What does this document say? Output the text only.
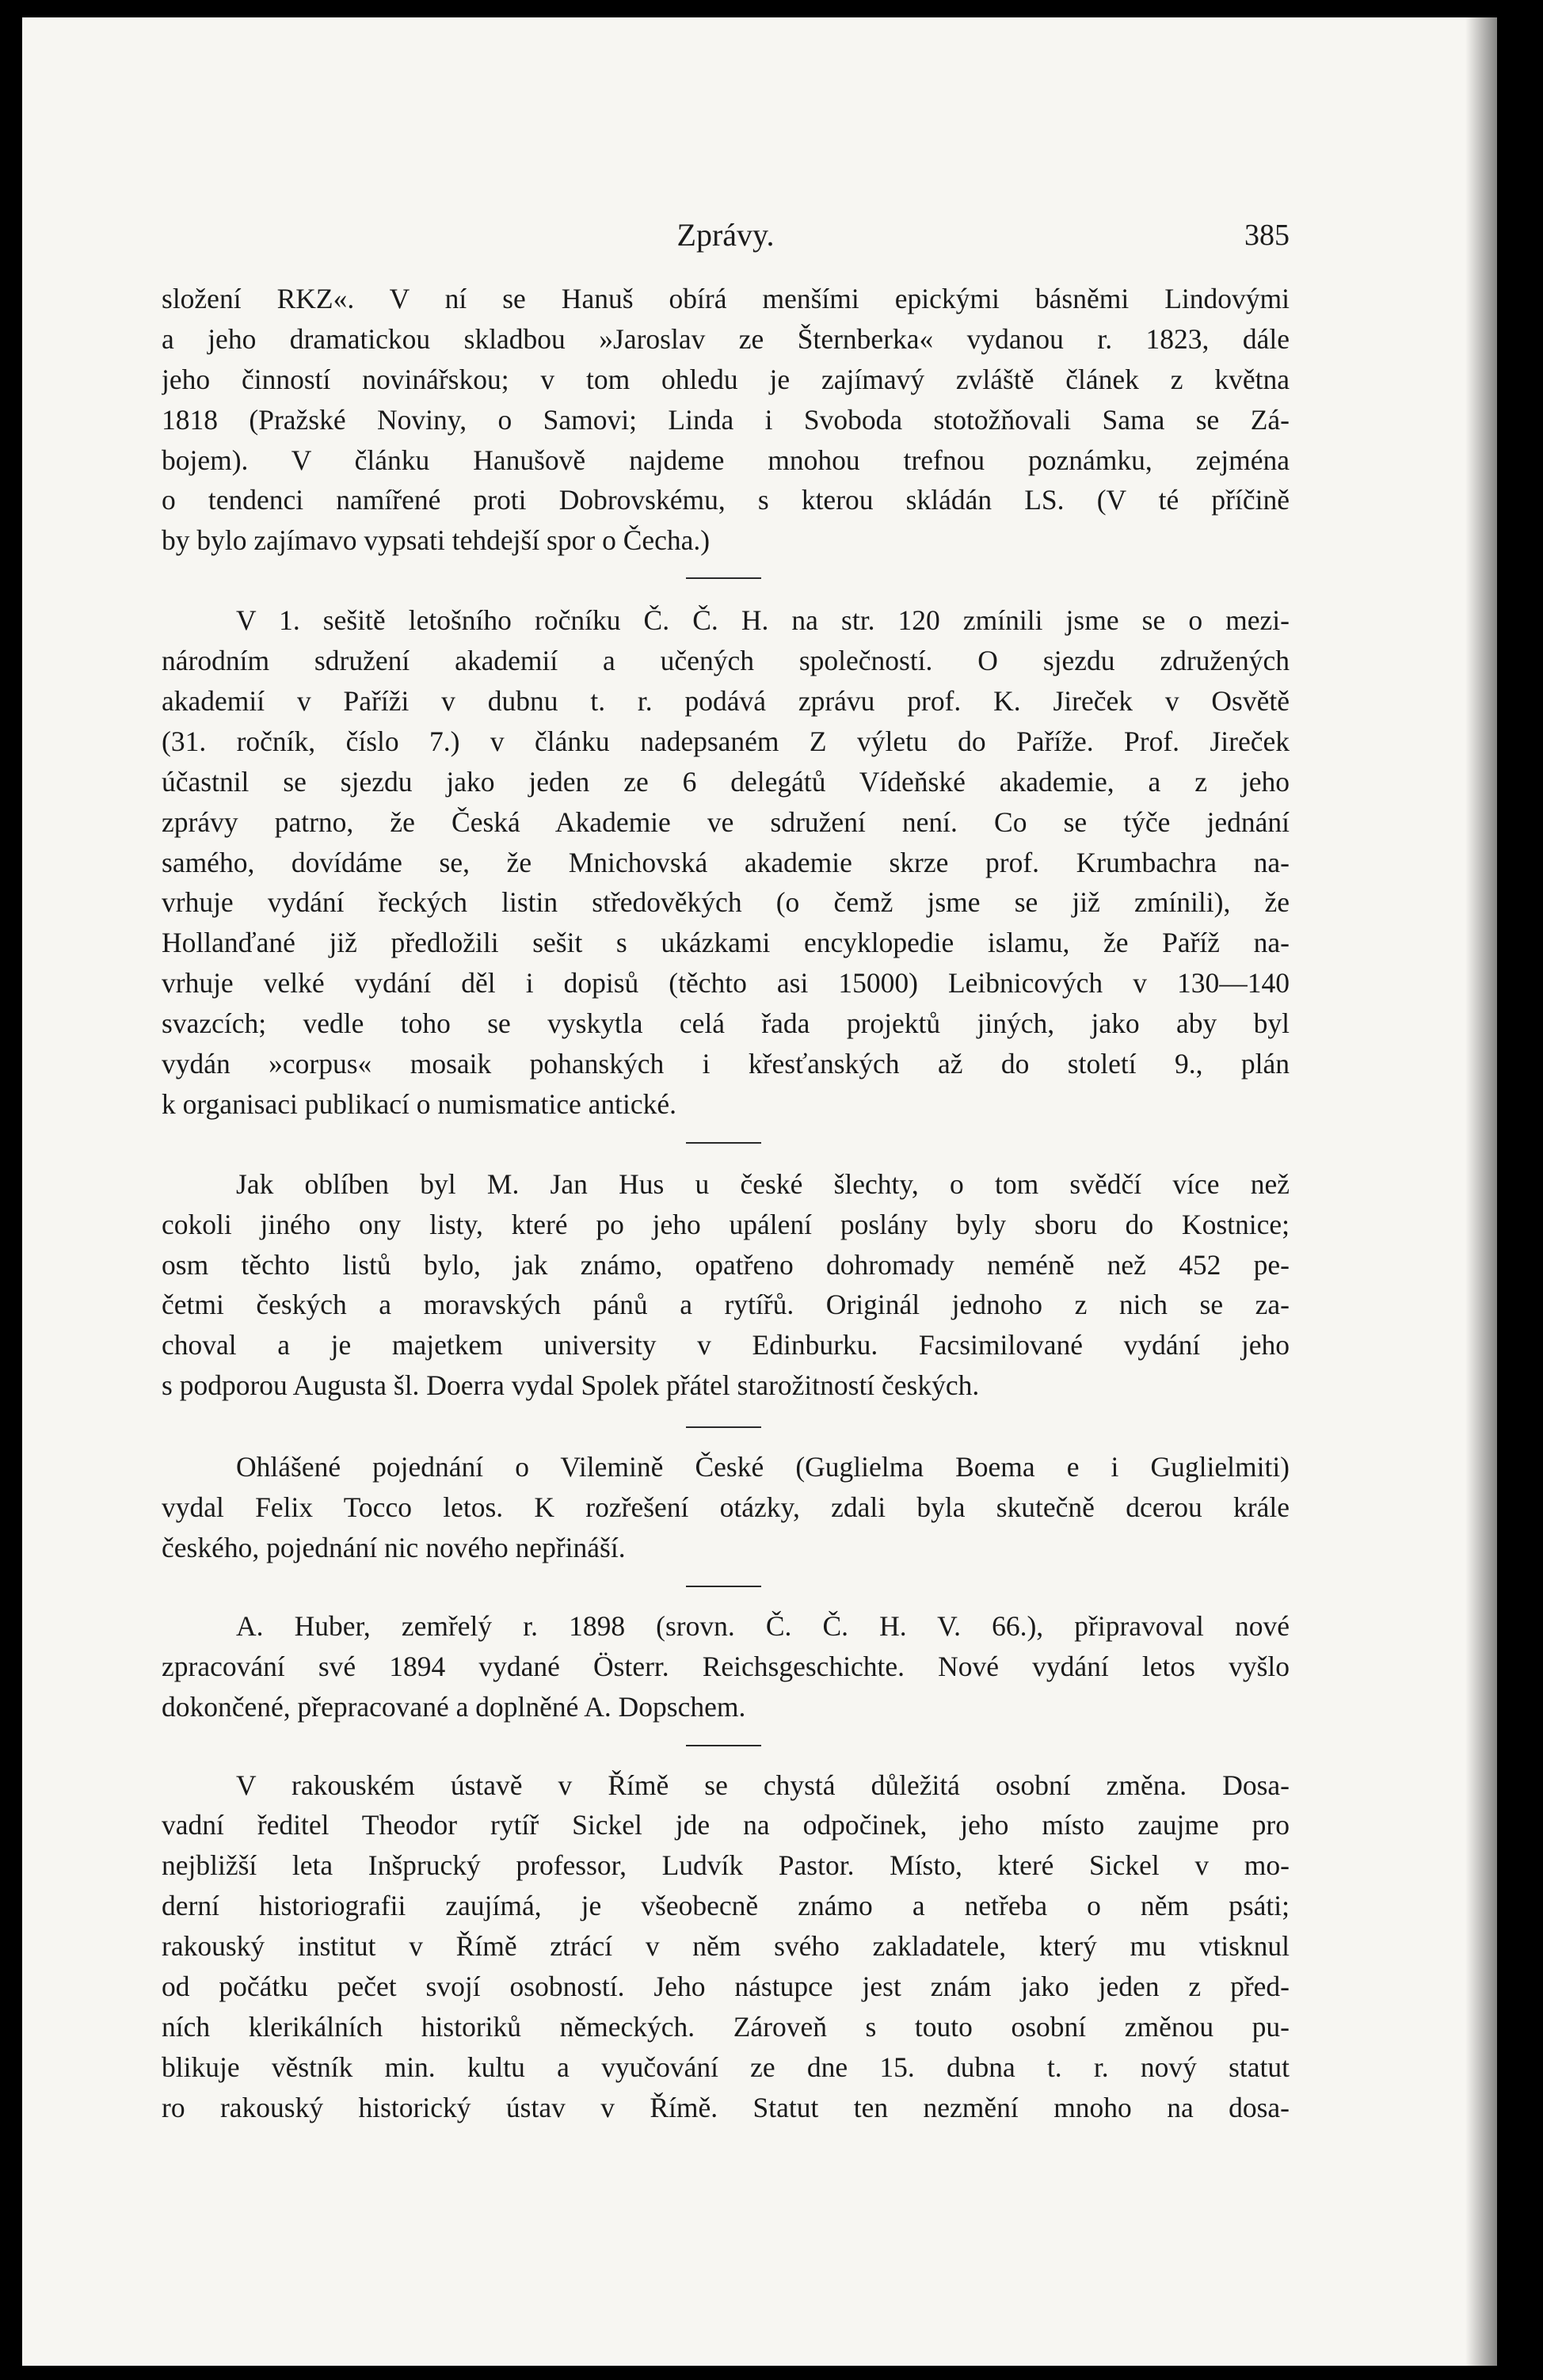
Zprávy.	385
složení RKZ«. V ní se Hanuš obírá menšími epickými básněmi Lindovými
a jeho dramatickou skladbou »Jaroslav ze Šternberka« vydanou r. 1823, dále
jeho činností novinářskou; v tom ohledu je zajímavý zvláště článek z května
1818 (Pražské Noviny, o Samovi; Linda i Svoboda stotožňovali Sama se Zá-
bojem). V článku Hanušově najdeme mnohou trefnou poznámku, zejména
o tendenci namířené proti Dobrovskému, s kterou skládán LS. (V té příčině
by bylo zajímavo vypsati tehdejší spor o Čecha.)
V 1. sešitě letošního ročníku Č. Č. H. na str. 120 zmínili jsme se o mezi-
národním sdružení akademií a učených společností. O sjezdu združených
akademií v Paříži v dubnu t. r. podává zprávu prof. K. Jireček v Osvětě
(31. ročník, číslo 7.) v článku nadepsaném Z výletu do Paříže. Prof. Jireček
účastnil se sjezdu jako jeden ze 6 delegátů Vídeňské akademie, a z jeho
zprávy patrno, že Česká Akademie ve sdružení není. Co se týče jednání
samého, dovídáme se, že Mnichovská akademie skrze prof. Krumbachra na-
vrhuje vydání řeckých listin středověkých (o čemž jsme se již zmínili), že
Hollanďané již předložili sešit s ukázkami encyklopedie islamu, že Paříž na-
vrhuje velké vydání děl i dopisů (těchto asi 15000) Leibnicových v 130—140
svazcích; vedle toho se vyskytla celá řada projektů jiných, jako aby byl
vydán »corpus« mosaik pohanských i křesťanských až do století 9., plán
k organisaci publikací o numismatice antické.
Jak oblíben byl M. Jan Hus u české šlechty, o tom svědčí více než
cokoli jiného ony listy, které po jeho upálení poslány byly sboru do Kostnice;
osm těchto listů bylo, jak známo, opatřeno dohromady neméně než 452 pe-
četmi českých a moravských pánů a rytířů. Originál jednoho z nich se za-
choval a je majetkem university v Edinburku. Facsimilované vydání jeho
s podporou Augusta šl. Doerra vydal Spolek přátel starožitností českých.
Ohlášené pojednání o Vilemině České (Guglielma Boema e i Guglielmiti)
vydal Felix Tocco letos. K rozřešení otázky, zdali byla skutečně dcerou krále
českého, pojednání nic nového nepřináší.
A. Huber, zemřelý r. 1898 (srovn. Č. Č. H. V. 66.), připravoval nové
zpracování své 1894 vydané Österr. Reichsgeschichte. Nové vydání letos vyšlo
dokončené, přepracované a doplněné A. Dopschem.
V rakouském ústavě v Římě se chystá důležitá osobní změna. Dosa-
vadní ředitel Theodor rytíř Sickel jde na odpočinek, jeho místo zaujme pro
nejbližší leta Inšprucký professor, Ludvík Pastor. Místo, které Sickel v mo-
derní historiografii zaujímá, je všeobecně známo a netřeba o něm psáti;
rakouský institut v Římě ztrácí v něm svého zakladatele, který mu vtisknul
od počátku pečet svojí osobností. Jeho nástupce jest znám jako jeden z před-
ních klerikálních historiků německých. Zároveň s touto osobní změnou pu-
blikuje věstník min. kultu a vyučování ze dne 15. dubna t. r. nový statut
ro rakouský historický ústav v Římě. Statut ten nezmění mnoho na dosa-
